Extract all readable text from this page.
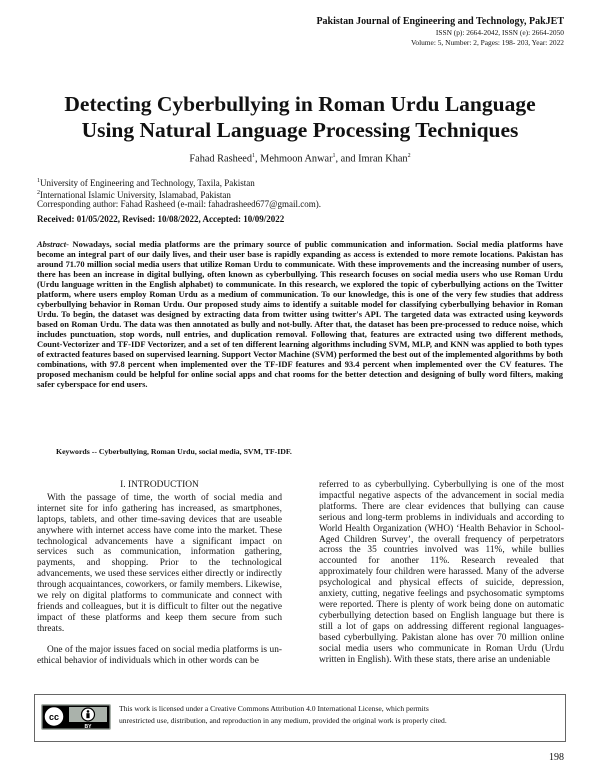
Pakistan Journal of Engineering and Technology, PakJET
ISSN (p): 2664-2042, ISSN (e): 2664-2050
Volume: 5, Number: 2, Pages: 198- 203, Year: 2022
Detecting Cyberbullying in Roman Urdu Language
Using Natural Language Processing Techniques
Fahad Rasheed$^1$, Mehmoon Anwar$^1$, and Imran Khan$^2$
$^1$University of Engineering and Technology, Taxila, Pakistan
$^2$International Islamic University, Islamabad, Pakistan
Corresponding author: Fahad Rasheed (e-mail: fahadrasheed677@gmail.com).
Received: 01/05/2022, Revised: 10/08/2022, Accepted: 10/09/2022
Abstract- Nowadays, social media platforms are the primary source of public communication and information. Social media platforms have become an integral part of our daily lives, and their user base is rapidly expanding as access is extended to more remote locations. Pakistan has around 71.70 million social media users that utilize Roman Urdu to communicate. With these improvements and the increasing number of users, there has been an increase in digital bullying, often known as cyberbullying. This research focuses on social media users who use Roman Urdu (Urdu language written in the English alphabet) to communicate. In this research, we explored the topic of cyberbullying actions on the Twitter platform, where users employ Roman Urdu as a medium of communication. To our knowledge, this is one of the very few studies that address cyberbullying behavior in Roman Urdu. Our proposed study aims to identify a suitable model for classifying cyberbullying behavior in Roman Urdu. To begin, the dataset was designed by extracting data from twitter using twitter's API. The targeted data was extracted using keywords based on Roman Urdu. The data was then annotated as bully and not-bully. After that, the dataset has been pre-processed to reduce noise, which includes punctuation, stop words, null entries, and duplication removal. Following that, features are extracted using two different methods, Count-Vectorizer and TF-IDF Vectorizer, and a set of ten different learning algorithms including SVM, MLP, and KNN was applied to both types of extracted features based on supervised learning. Support Vector Machine (SVM) performed the best out of the implemented algorithms by both combinations, with 97.8 percent when implemented over the TF-IDF features and 93.4 percent when implemented over the CV features. The proposed mechanism could be helpful for online social apps and chat rooms for the better detection and designing of bully word filters, making safer cyberspace for end users.
Keywords -- Cyberbullying, Roman Urdu, social media, SVM, TF-IDF.
I. INTRODUCTION

With the passage of time, the worth of social media and internet site for info gathering has increased, as smartphones, laptops, tablets, and other time-saving devices that are useable anywhere with internet access have come into the market. These technological advancements have a significant impact on services such as communication, information gathering, payments, and shopping. Prior to the technological advancements, we used these services either directly or indirectly through acquaintances, coworkers, or family members. Likewise, we rely on digital platforms to communicate and connect with friends and colleagues, but it is difficult to filter out the negative impact of these platforms and keep them secure from such threats.

One of the major issues faced on social media platforms is un-ethical behavior of individuals which in other words can be

referred to as cyberbullying. Cyberbullying is one of the most impactful negative aspects of the advancement in social media platforms. There are clear evidences that bullying can cause serious and long-term problems in individuals and according to World Health Organization (WHO) ‘Health Behavior in School-Aged Children Survey’, the overall frequency of perpetrators across the 35 countries involved was 11%, while bullies accounted for another 11%. Research revealed that approximately four children were harassed. Many of the adverse psychological and physical effects of suicide, depression, anxiety, cutting, negative feelings and psychosomatic symptoms were reported. There is plenty of work being done on automatic cyberbullying detection based on English language but there is still a lot of gaps on addressing different regional languages-based cyberbullying. Pakistan alone has over 70 million online social media users who communicate in Roman Urdu (Urdu written in English). With these stats, there arise an undeniable

cc
BY
This work is licensed under a Creative Commons Attribution 4.0 International License, which permits
unrestricted use, distribution, and reproduction in any medium, provided the original work is properly cited.
198
